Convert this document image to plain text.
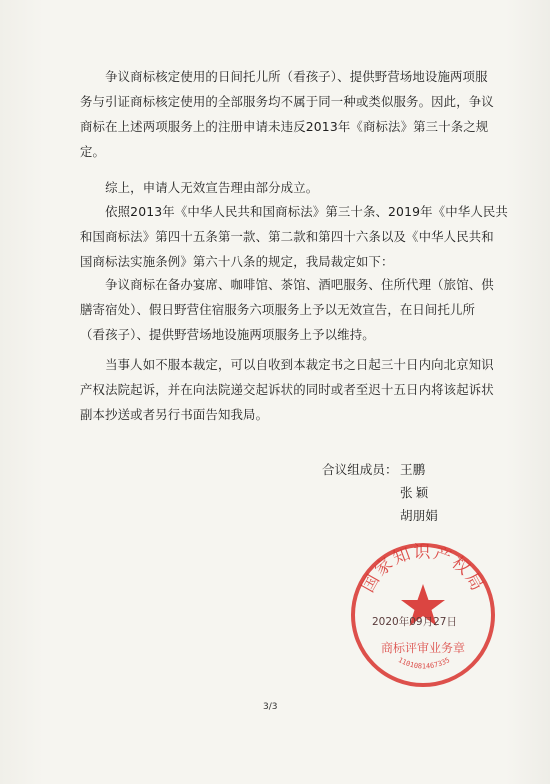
　　争议商标核定使用的日间托儿所（看孩子）、提供野营场地设施两项服
务与引证商标核定使用的全部服务均不属于同一种或类似服务。因此，争议
商标在上述两项服务上的注册申请未违反2013年《商标法》第三十条之规
定。
　　综上，申请人无效宣告理由部分成立。
　　依照2013年《中华人民共和国商标法》第三十条、2019年《中华人民共
和国商标法》第四十五条第一款、第二款和第四十六条以及《中华人民共和
国商标法实施条例》第六十八条的规定，我局裁定如下：
　　争议商标在备办宴席、咖啡馆、茶馆、酒吧服务、住所代理（旅馆、供
膳寄宿处）、假日野营住宿服务六项服务上予以无效宣告，在日间托儿所
（看孩子）、提供野营场地设施两项服务上予以维持。
　　当事人如不服本裁定，可以自收到本裁定书之日起三十日内向北京知识
产权法院起诉，并在向法院递交起诉状的同时或者至迟十五日内将该起诉状
副本抄送或者另行书面告知我局。
合议组成员： 王鹏
张颖
胡朋娟
国家知识产权局
商标评审业务章
1101081467335
2020年09月27日
3/3
